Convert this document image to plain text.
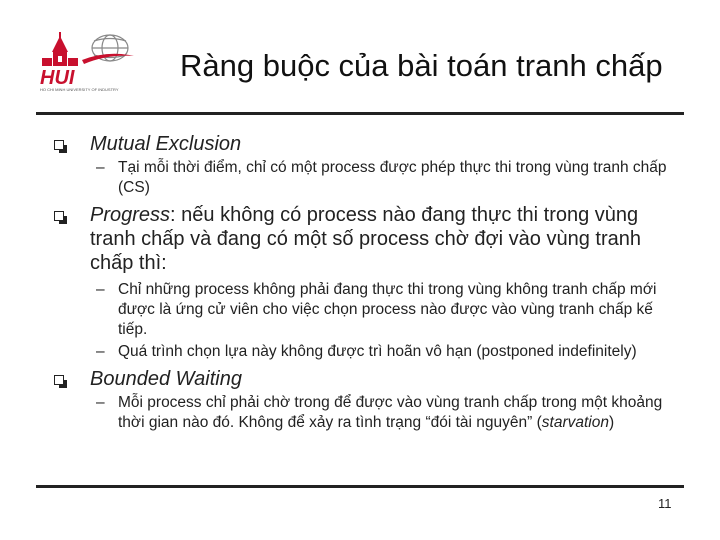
HUI
HO CHI MINH UNIVERSITY OF INDUSTRY
Ràng buộc của bài toán tranh chấp
Mutual Exclusion
– Tại mỗi thời điểm, chỉ có một process được phép thực thi trong vùng tranh chấp (CS)
Progress: nếu không có process nào đang thực thi trong vùng tranh chấp và đang có một số process chờ đợi vào vùng tranh chấp thì:
– Chỉ những process không phải đang thực thi trong vùng không tranh chấp mới được là ứng cử viên cho việc chọn process nào được vào vùng tranh chấp kế tiếp.
– Quá trình chọn lựa này không được trì hoãn vô hạn (postponed indefinitely)
Bounded Waiting
– Mỗi process chỉ phải chờ trong để được vào vùng tranh chấp trong một khoảng thời gian nào đó. Không để xảy ra tình trạng “đói tài nguyên” (starvation)
11
